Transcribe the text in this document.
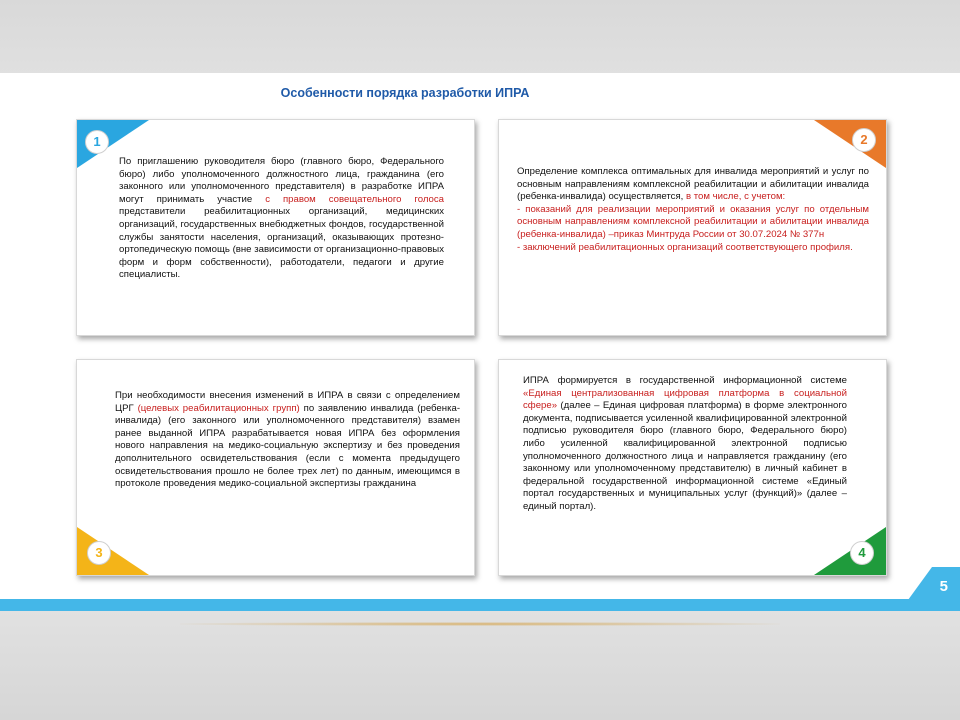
5
Особенности порядка разработки ИПРА
1
По приглашению руководителя бюро (главного бюро, Федерального бюро) либо уполномоченного должностного лица, гражданина (его законного или уполномоченного представителя) в разработке ИПРА могут принимать участие с правом совещательного голоса представители реабилитационных организаций, медицинских организаций, государственных внебюджетных фондов, государственной службы занятости населения, организаций, оказывающих протезно-ортопедическую помощь (вне зависимости от организационно-правовых форм и форм собственности), работодатели, педагоги и другие специалисты.
2

Определение комплекса оптимальных для инвалида мероприятий и услуг по основным направлениям комплексной реабилитации и абилитации инвалида (ребенка-инвалида) осуществляется, в том числе, с учетом:

- показаний для реализации мероприятий и оказания услуг по отдельным основным направлениям комплексной реабилитации и абилитации инвалида (ребенка-инвалида) –приказ Минтруда России от 30.07.2024 № 377н

- заключений реабилитационных организаций соответствующего профиля.

3
При необходимости внесения изменений в ИПРА в связи с определением ЦРГ (целевых реабилитационных групп) по заявлению инвалида (ребенка-инвалида) (его законного или уполномоченного представителя) взамен ранее выданной ИПРА разрабатывается новая ИПРА без оформления нового направления на медико-социальную экспертизу и без проведения дополнительного освидетельствования (если с момента предыдущего освидетельствования прошло не более трех лет) по данным, имеющимся в протоколе проведения медико-социальной экспертизы гражданина
4
ИПРА формируется в государственной информационной системе «Единая централизованная цифровая платформа в социальной сфере» (далее – Единая цифровая платформа) в форме электронного документа, подписывается усиленной квалифицированной электронной подписью руководителя бюро (главного бюро, Федерального бюро) либо усиленной квалифицированной электронной подписью уполномоченного должностного лица и направляется гражданину (его законному или уполномоченному представителю) в личный кабинет в федеральной государственной информационной системе «Единый портал государственных и муниципальных услуг (функций)» (далее – единый портал).
